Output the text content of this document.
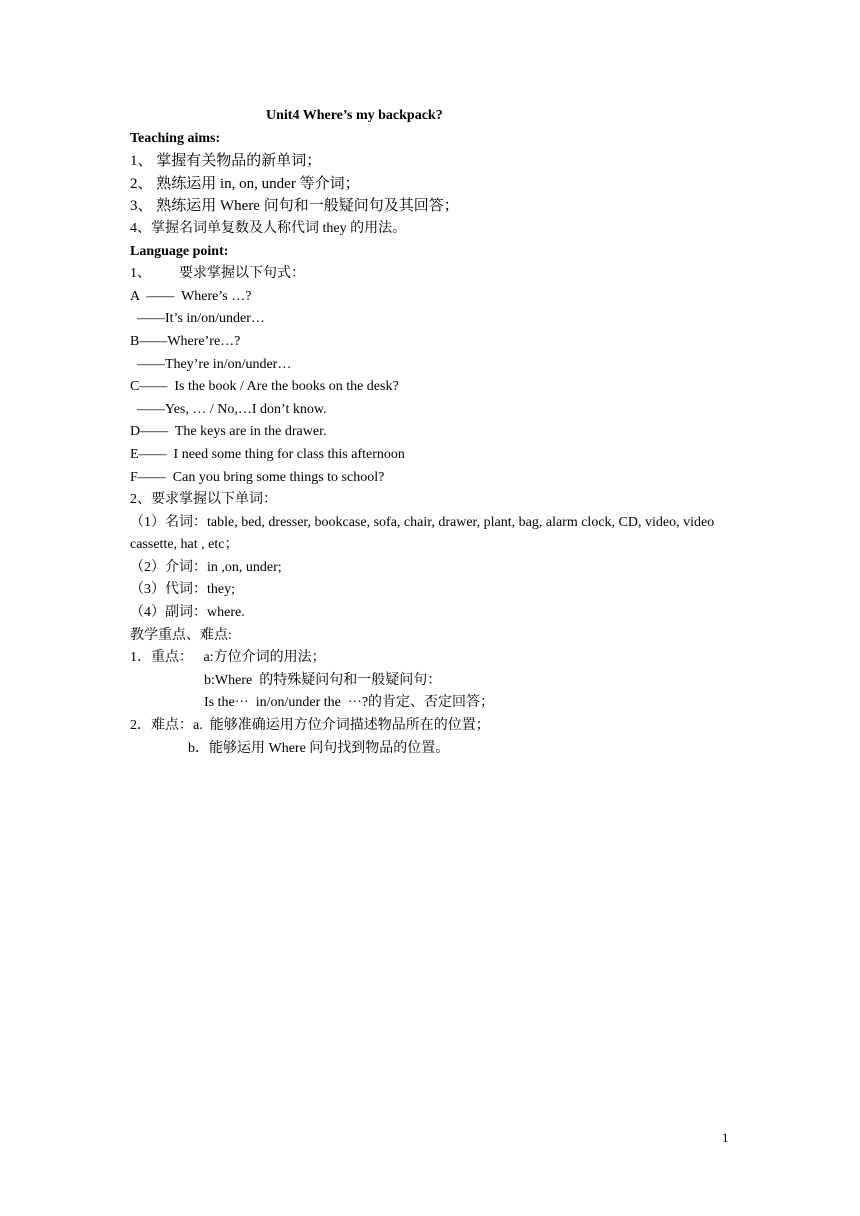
Unit4 Where’s my backpack?
Teaching aims:
1、 掌握有关物品的新单词；
2、 熟练运用 in, on, under 等介词；
3、 熟练运用 Where 问句和一般疑问句及其回答；
4、掌握名词单复数及人称代词 they 的用法。
Language point:
1、        要求掌握以下句式：
A  ——  Where’s …?
——It’s in/on/under…
B——Where’re…?
——They’re in/on/under…
C——  Is the book / Are the books on the desk?
——Yes, … / No,…I don’t know.
D——  The keys are in the drawer.
E——  I need some thing for class this afternoon
F——  Can you bring some things to school?
2、要求掌握以下单词：
（1）名词：table, bed, dresser, bookcase, sofa, chair, drawer, plant, bag, alarm clock, CD, video, video cassette, hat , etc；
（2）介词：in ,on, under;
（3）代词：they;
（4）副词：where.
教学重点、难点:
1．重点：   a:方位介词的用法；
b:Where  的特殊疑问句和一般疑问句：
Is the···  in/on/under the  ···?的肯定、否定回答；
2．难点：a.  能够准确运用方位介词描述物品所在的位置；
b．能够运用 Where 问句找到物品的位置。
1
